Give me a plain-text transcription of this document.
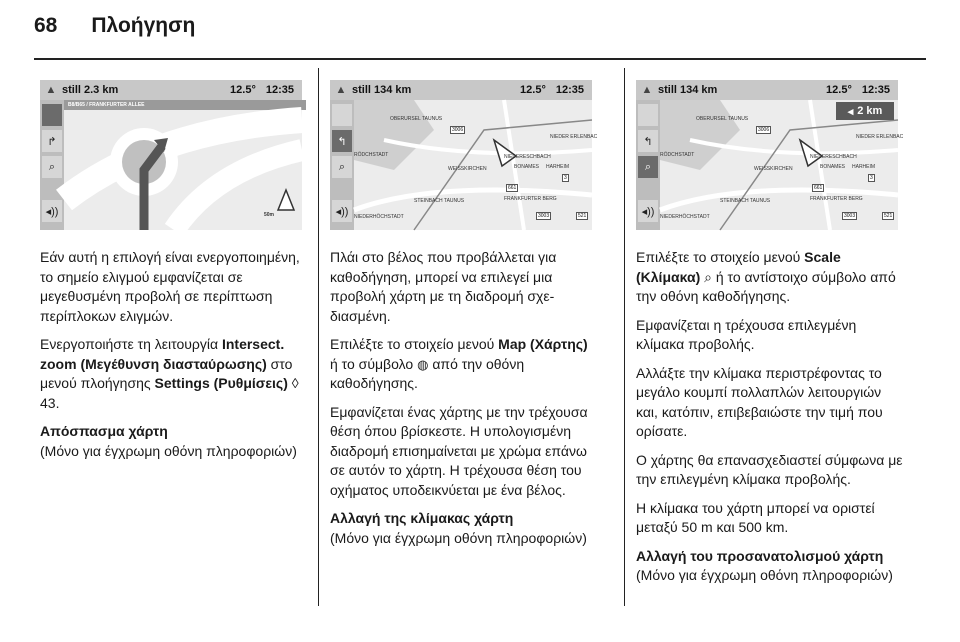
68 Πλοήγηση
▲ still 2.3 km	12.5° 12:35
↱
⌕
◂))
B8/B65 / FRANKFURTER ALLEE
50m

Εάν αυτή η επιλογή είναι ενεργοποιημένη, το σημείο ελιγμού εμφανίζεται σε μεγεθυσμένη προβολή σε περίπτωση περίπλοκων ελιγμών.

Ενεργοποιήστε τη λειτουργία Intersect. zoom (Μεγέθυνση διασταύρωσης) στο μενού πλοήγησης Settings (Ρυθμίσεις) ◊ 43.

Απόσπασμα χάρτη

(Μόνο για έγχρωμη οθόνη πληροφοριών)

▲ still 134 km	12.5° 12:35
↰
⌕
◂))
OBERURSEL TAUNUS
3006
NIEDER ERLENBAC
RÖDCHSTADT
WEISSKIRCHEN
NIEDERESCHBACH
BONAMES HARHEIM
STEINBACH TAUNUS
661
FRANKFURTER BERG
NIEDERHÖCHSTADT	3003	521
3

Πλάι στο βέλος που προβάλλεται για καθοδήγηση, μπορεί να επιλεγεί μια προβολή χάρτη με τη διαδρομή σχεδιασμένη.

Επιλέξτε το στοιχείο μενού Map (Χάρτης) ή το σύμβολο ◍ από την οθόνη καθοδήγησης.

Εμφανίζεται ένας χάρτης με την τρέχουσα θέση όπου βρίσκεστε. Η υπολογισμένη διαδρομή επισημαίνεται με χρώμα επάνω σε αυτόν το χάρτη. Η τρέχουσα θέση του οχήματος υποδεικνύεται με ένα βέλος.

Αλλαγή της κλίμακας χάρτη

(Μόνο για έγχρωμη οθόνη πληροφοριών)

▲ still 134 km	12.5° 12:35
↰
⌕
◂))
OBERURSEL TAUNUS
3006
NIEDER ERLENBAC
RÖDCHSTADT
WEISSKIRCHEN
NIEDERESCHBACH
BONAMES HARHEIM
STEINBACH TAUNUS
661
FRANKFURTER BERG
NIEDERHÖCHSTADT	3003	521
3
◂ 2 km

Επιλέξτε το στοιχείο μενού Scale (Κλίμακα) ⌕ ή το αντίστοιχο σύμβολο από την οθόνη καθοδήγησης.

Εμφανίζεται η τρέχουσα επιλεγμένη κλίμακα προβολής.

Αλλάξτε την κλίμακα περιστρέφοντας το μεγάλο κουμπί πολλαπλών λειτουργιών και, κατόπιν, επιβεβαιώστε την τιμή που ορίσατε.

Ο χάρτης θα επανασχεδιαστεί σύμφωνα με την επιλεγμένη κλίμακα προβολής.

Η κλίμακα του χάρτη μπορεί να οριστεί μεταξύ 50 m και 500 km.

Αλλαγή του προσανατολισμού χάρτη

(Μόνο για έγχρωμη οθόνη πληροφοριών)
